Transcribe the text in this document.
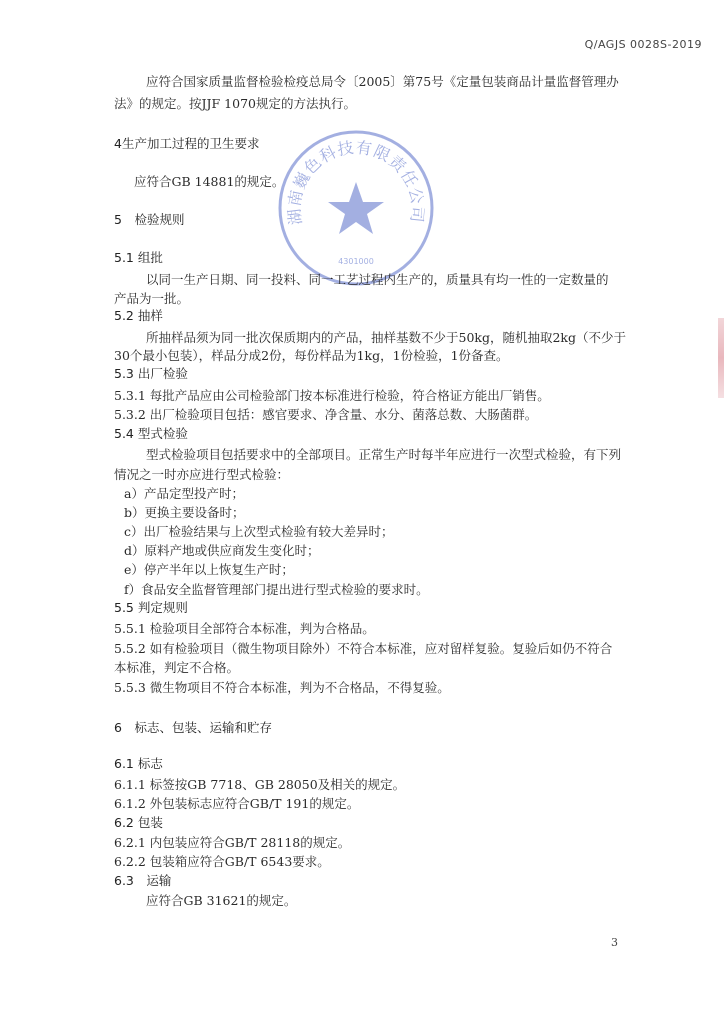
Q/AGJS 0028S-2019
湖南巍色科技有限责任公司
4301000
应符合国家质量监督检验检疫总局令〔2005〕第75号《定量包装商品计量监督管理办
法》的规定。按JJF 1070规定的方法执行。
4生产加工过程的卫生要求
应符合GB 14881的规定。
5　检验规则
5.1 组批
以同一生产日期、同一投料、同一工艺过程内生产的，质量具有均一性的一定数量的
产品为一批。
5.2 抽样
所抽样品须为同一批次保质期内的产品，抽样基数不少于50kg，随机抽取2kg（不少于
30个最小包装），样品分成2份，每份样品为1kg，1份检验，1份备查。
5.3 出厂检验
5.3.1 每批产品应由公司检验部门按本标准进行检验，符合格证方能出厂销售。
5.3.2 出厂检验项目包括：感官要求、净含量、水分、菌落总数、大肠菌群。
5.4 型式检验
型式检验项目包括要求中的全部项目。正常生产时每半年应进行一次型式检验，有下列
情况之一时亦应进行型式检验：
a）产品定型投产时；
b）更换主要设备时；
c）出厂检验结果与上次型式检验有较大差异时；
d）原料产地或供应商发生变化时；
e）停产半年以上恢复生产时；
f）食品安全监督管理部门提出进行型式检验的要求时。
5.5 判定规则
5.5.1 检验项目全部符合本标准，判为合格品。
5.5.2 如有检验项目（微生物项目除外）不符合本标准，应对留样复验。复验后如仍不符合
本标准，判定不合格。
5.5.3 微生物项目不符合本标准，判为不合格品，不得复验。
6　标志、包装、运输和贮存
6.1 标志
6.1.1 标签按GB 7718、GB 28050及相关的规定。
6.1.2 外包装标志应符合GB/T 191的规定。
6.2 包装
6.2.1 内包装应符合GB/T 28118的规定。
6.2.2 包装箱应符合GB/T 6543要求。
6.3　运输
应符合GB 31621的规定。
3
